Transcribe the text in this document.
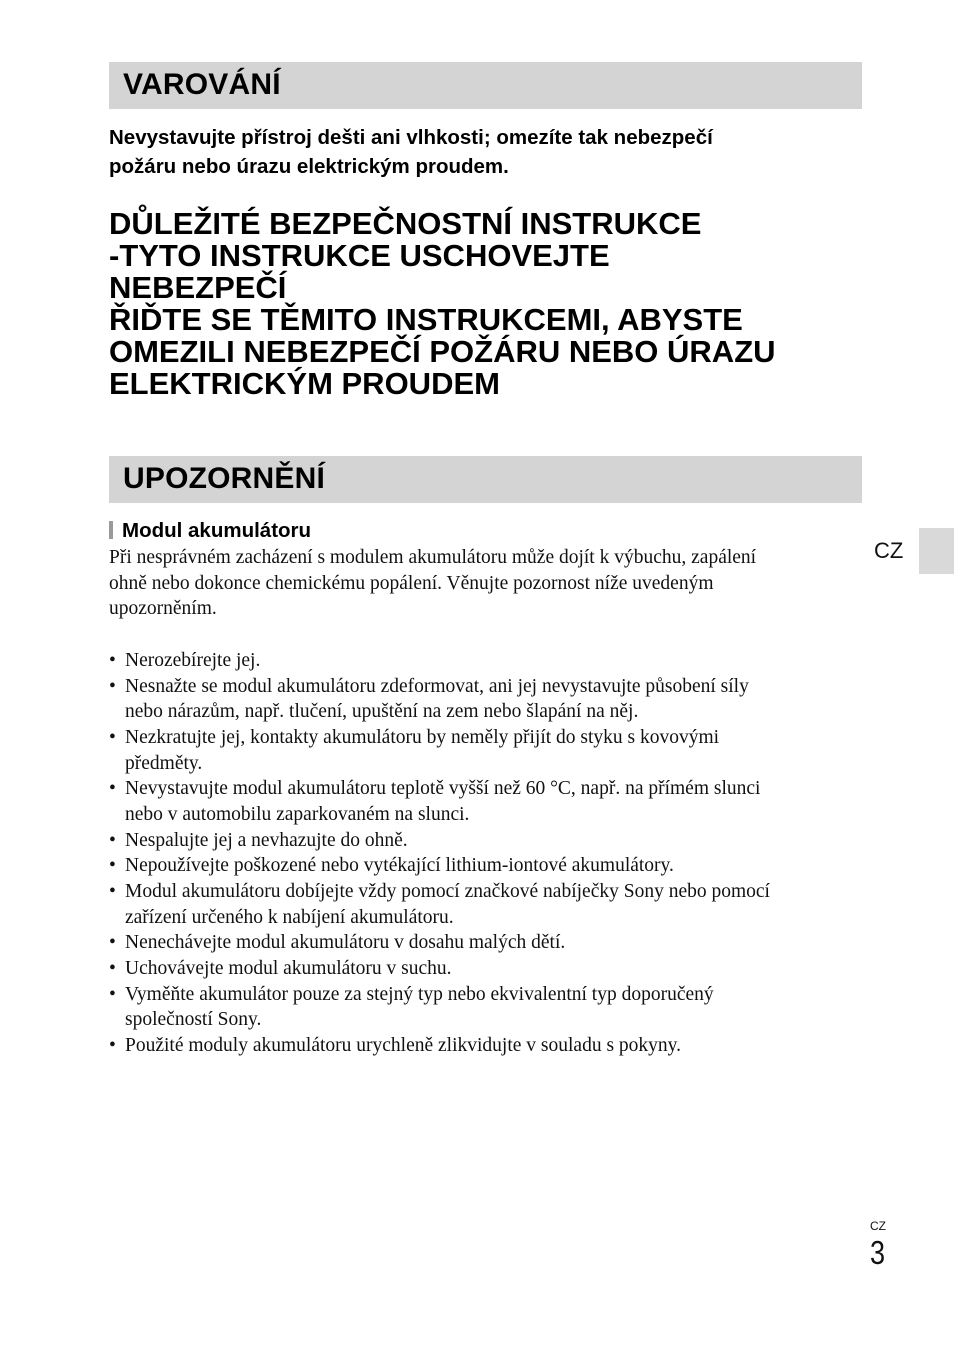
VAROVÁNÍ
Nevystavujte přístroj dešti ani vlhkosti; omezíte tak nebezpečí
požáru nebo úrazu elektrickým proudem.
DŮLEŽITÉ BEZPEČNOSTNÍ INSTRUKCE
-TYTO INSTRUKCE USCHOVEJTE
NEBEZPEČÍ
ŘIĎTE SE TĚMITO INSTRUKCEMI, ABYSTE
OMEZILI NEBEZPEČÍ POŽÁRU NEBO ÚRAZU
ELEKTRICKÝM PROUDEM
UPOZORNĚNÍ
CZ
Modul akumulátoru
Při nesprávném zacházení s modulem akumulátoru může dojít k výbuchu, zapálení
ohně nebo dokonce chemickému popálení. Věnujte pozornost níže uvedeným
upozorněním.
• Nerozebírejte jej.
• Nesnažte se modul akumulátoru zdeformovat, ani jej nevystavujte působení síly
nebo nárazům, např. tlučení, upuštění na zem nebo šlapání na něj.
• Nezkratujte jej, kontakty akumulátoru by neměly přijít do styku s kovovými
předměty.
• Nevystavujte modul akumulátoru teplotě vyšší než 60 °C, např. na přímém slunci
nebo v automobilu zaparkovaném na slunci.
• Nespalujte jej a nevhazujte do ohně.
• Nepoužívejte poškozené nebo vytékající lithium-iontové akumulátory.
• Modul akumulátoru dobíjejte vždy pomocí značkové nabíječky Sony nebo pomocí
zařízení určeného k nabíjení akumulátoru.
• Nenechávejte modul akumulátoru v dosahu malých dětí.
• Uchovávejte modul akumulátoru v suchu.
• Vyměňte akumulátor pouze za stejný typ nebo ekvivalentní typ doporučený
společností Sony.
• Použité moduly akumulátoru urychleně zlikvidujte v souladu s pokyny.
CZ
3
